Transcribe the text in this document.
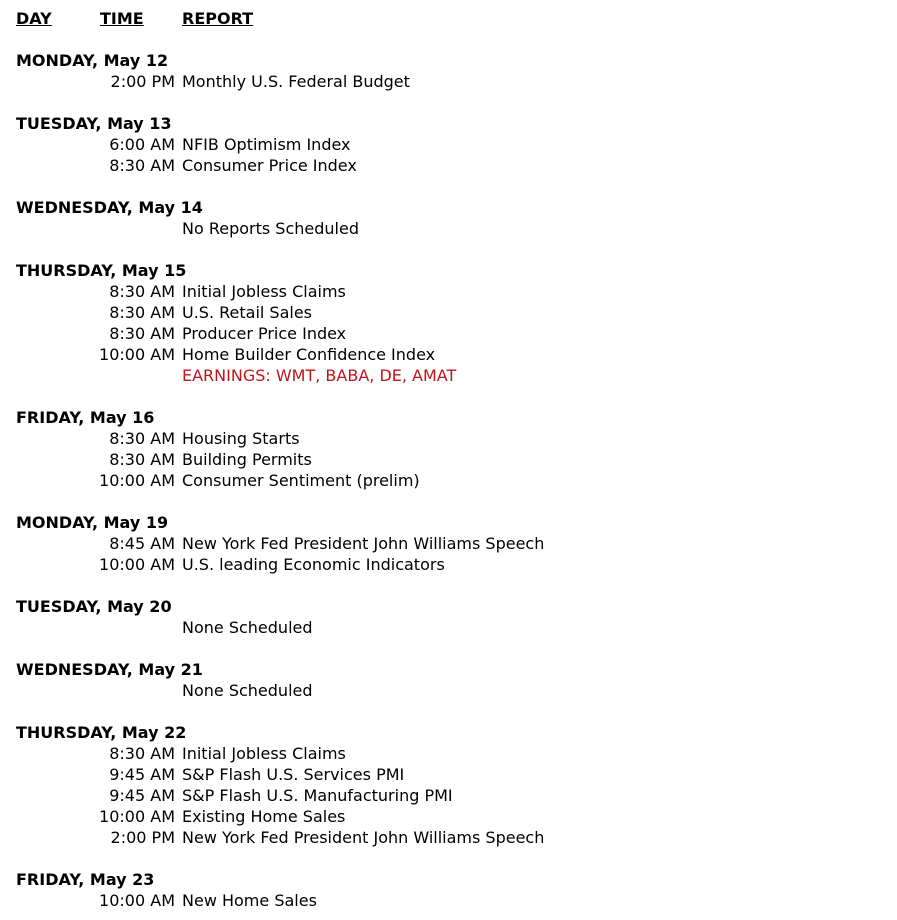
DAY	TIME REPORT
MONDAY, May 12
2:00 PM Monthly U.S. Federal Budget
TUESDAY, May 13
6:00 AM NFIB Optimism Index
8:30 AM Consumer Price Index
WEDNESDAY, May 14
No Reports Scheduled
THURSDAY, May 15
8:30 AM Initial Jobless Claims
8:30 AM U.S. Retail Sales
8:30 AM Producer Price Index
10:00 AM Home Builder Confidence Index
EARNINGS: WMT, BABA, DE, AMAT
FRIDAY, May 16
8:30 AM Housing Starts
8:30 AM Building Permits
10:00 AM Consumer Sentiment (prelim)
MONDAY, May 19
8:45 AM New York Fed President John Williams Speech
10:00 AM U.S. leading Economic Indicators
TUESDAY, May 20
None Scheduled
WEDNESDAY, May 21
None Scheduled
THURSDAY, May 22
8:30 AM Initial Jobless Claims
9:45 AM S&P Flash U.S. Services PMI
9:45 AM S&P Flash U.S. Manufacturing PMI
10:00 AM Existing Home Sales
2:00 PM New York Fed President John Williams Speech
FRIDAY, May 23
10:00 AM New Home Sales
